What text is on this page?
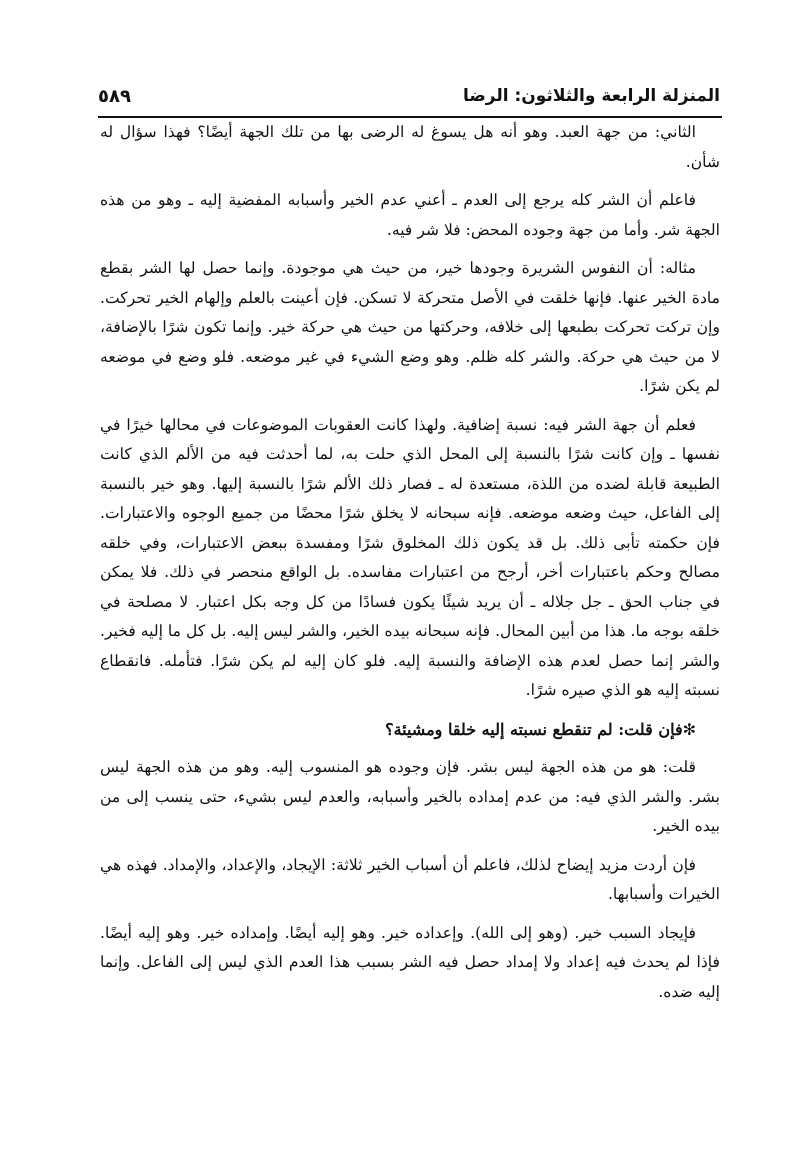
المنزلة الرابعة والثلاثون: الرضا
٥٨٩

الثاني: من جهة العبد. وهو أنه هل يسوغ له الرضى بها من تلك الجهة أيضًا؟ فهذا سؤال له شأن.

فاعلم أن الشر كله يرجع إلى العدم ـ أعني عدم الخير وأسبابه المفضية إليه ـ وهو من هذه الجهة شر. وأما من جهة وجوده المحض: فلا شر فيه.

مثاله: أن النفوس الشريرة وجودها خير، من حيث هي موجودة. وإنما حصل لها الشر بقطع مادة الخير عنها. فإنها خلقت في الأصل متحركة لا تسكن. فإن أعينت بالعلم وإلهام الخير تحركت. وإن تركت تحركت بطبعها إلى خلافه، وحركتها من حيث هي حركة خير. وإنما تكون شرًا بالإضافة، لا من حيث هي حركة. والشر كله ظلم. وهو وضع الشيء في غير موضعه. فلو وضع في موضعه لم يكن شرًا.

فعلم أن جهة الشر فيه: نسبة إضافية. ولهذا كانت العقوبات الموضوعات في محالها خيرًا في نفسها ـ وإن كانت شرًا بالنسبة إلى المحل الذي حلت به، لما أحدثت فيه من الألم الذي كانت الطبيعة قابلة لضده من اللذة، مستعدة له ـ فصار ذلك الألم شرًا بالنسبة إليها. وهو خير بالنسبة إلى الفاعل، حيث وضعه موضعه. فإنه سبحانه لا يخلق شرًا محضًا من جميع الوجوه والاعتبارات. فإن حكمته تأبى ذلك. بل قد يكون ذلك المخلوق شرًا ومفسدة ببعض الاعتبارات، وفي خلقه مصالح وحكم باعتبارات أخر، أرجح من اعتبارات مفاسده. بل الواقع منحصر في ذلك. فلا يمكن في جناب الحق ـ جل جلاله ـ أن يريد شيئًا يكون فسادًا من كل وجه بكل اعتبار. لا مصلحة في خلقه بوجه ما. هذا من أبين المحال. فإنه سبحانه بيده الخير، والشر ليس إليه. بل كل ما إليه فخير. والشر إنما حصل لعدم هذه الإضافة والنسبة إليه. فلو كان إليه لم يكن شرًا. فتأمله. فانقطاع نسبته إليه هو الذي صيره شرًا.

✻فإن قلت: لم تنقطع نسبته إليه خلقا ومشيئة؟

قلت: هو من هذه الجهة ليس بشر. فإن وجوده هو المنسوب إليه. وهو من هذه الجهة ليس بشر. والشر الذي فيه: من عدم إمداده بالخير وأسبابه، والعدم ليس بشيء، حتى ينسب إلى من بيده الخير.

فإن أردت مزيد إيضاح لذلك، فاعلم أن أسباب الخير ثلاثة: الإيجاد، والإعداد، والإمداد. فهذه هي الخيرات وأسبابها.

فإيجاد السبب خير. (وهو إلى الله). وإعداده خير. وهو إليه أيضًا. وإمداده خير. وهو إليه أيضًا. فإذا لم يحدث فيه إعداد ولا إمداد حصل فيه الشر بسبب هذا العدم الذي ليس إلى الفاعل. وإنما إليه ضده.
